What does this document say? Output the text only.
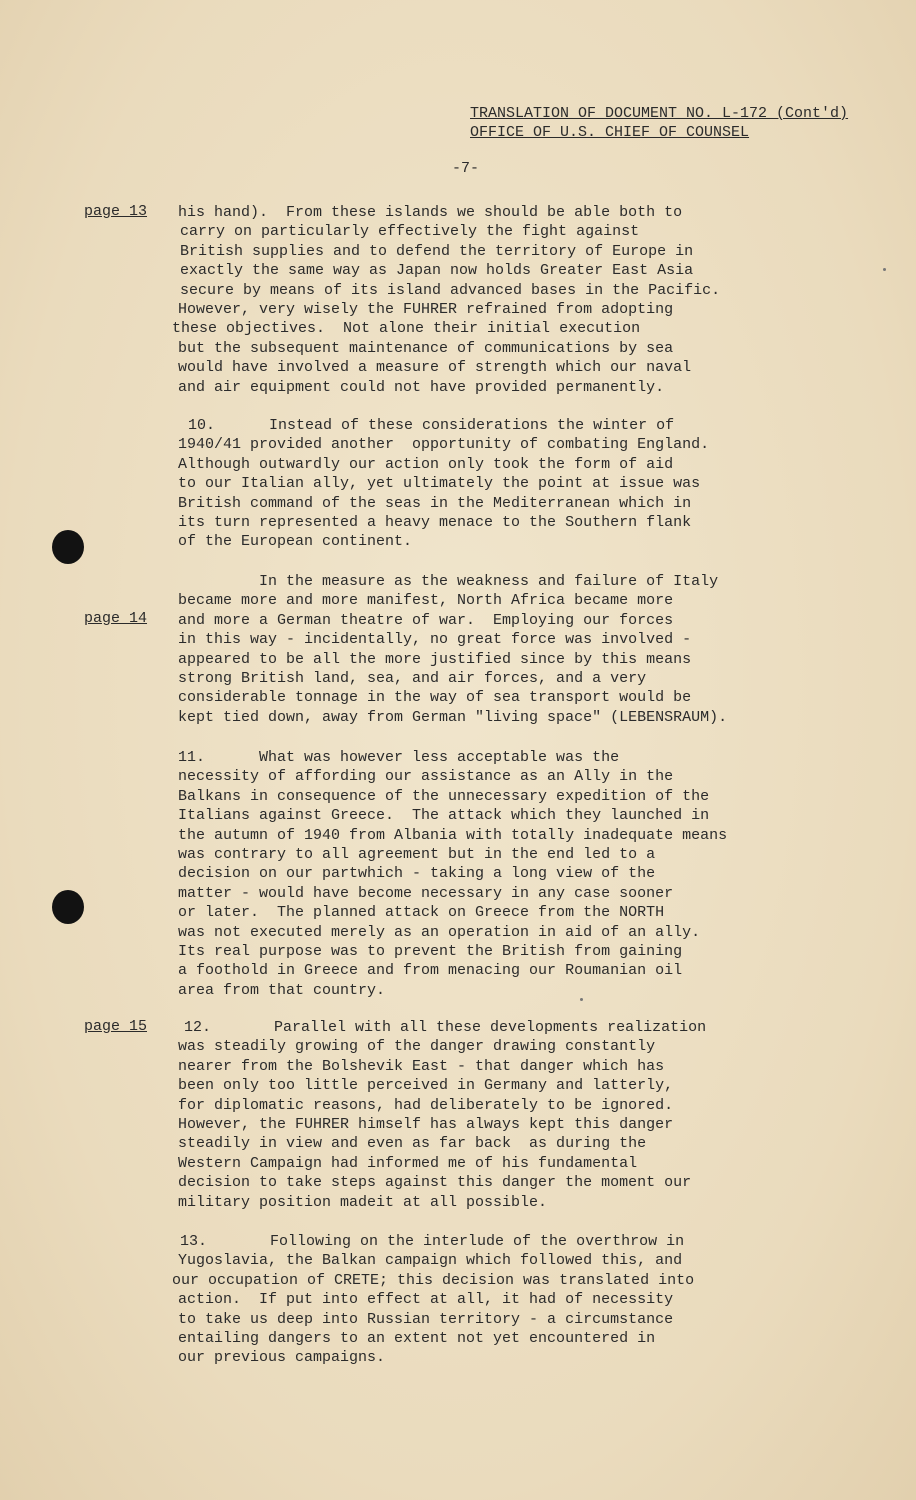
TRANSLATION OF DOCUMENT NO. L-172 (Cont'd)
OFFICE OF U.S. CHIEF OF COUNSEL
-7-
page 13
page 14
page 15
his hand).  From these islands we should be able both to
carry on particularly effectively the fight against
British supplies and to defend the territory of Europe in
exactly the same way as Japan now holds Greater East Asia
secure by means of its island advanced bases in the Pacific.
However, very wisely the FUHRER refrained from adopting
these objectives.  Not alone their initial execution
but the subsequent maintenance of communications by sea
would have involved a measure of strength which our naval
and air equipment could not have provided permanently.
10.      Instead of these considerations the winter of
1940/41 provided another  opportunity of combating England.
Although outwardly our action only took the form of aid
to our Italian ally, yet ultimately the point at issue was
British command of the seas in the Mediterranean which in
its turn represented a heavy menace to the Southern flank
of the European continent.
In the measure as the weakness and failure of Italy
became more and more manifest, North Africa became more
and more a German theatre of war.  Employing our forces
in this way - incidentally, no great force was involved -
appeared to be all the more justified since by this means
strong British land, sea, and air forces, and a very
considerable tonnage in the way of sea transport would be
kept tied down, away from German "living space" (LEBENSRAUM).
11.      What was however less acceptable was the
necessity of affording our assistance as an Ally in the
Balkans in consequence of the unnecessary expedition of the
Italians against Greece.  The attack which they launched in
the autumn of 1940 from Albania with totally inadequate means
was contrary to all agreement but in the end led to a
decision on our partwhich - taking a long view of the
matter - would have become necessary in any case sooner
or later.  The planned attack on Greece from the NORTH
was not executed merely as an operation in aid of an ally.
Its real purpose was to prevent the British from gaining
a foothold in Greece and from menacing our Roumanian oil
area from that country.
12.       Parallel with all these developments realization
was steadily growing of the danger drawing constantly
nearer from the Bolshevik East - that danger which has
been only too little perceived in Germany and latterly,
for diplomatic reasons, had deliberately to be ignored.
However, the FUHRER himself has always kept this danger
steadily in view and even as far back  as during the
Western Campaign had informed me of his fundamental
decision to take steps against this danger the moment our
military position madeit at all possible.
13.       Following on the interlude of the overthrow in
Yugoslavia, the Balkan campaign which followed this, and
our occupation of CRETE; this decision was translated into
action.  If put into effect at all, it had of necessity
to take us deep into Russian territory - a circumstance
entailing dangers to an extent not yet encountered in
our previous campaigns.
